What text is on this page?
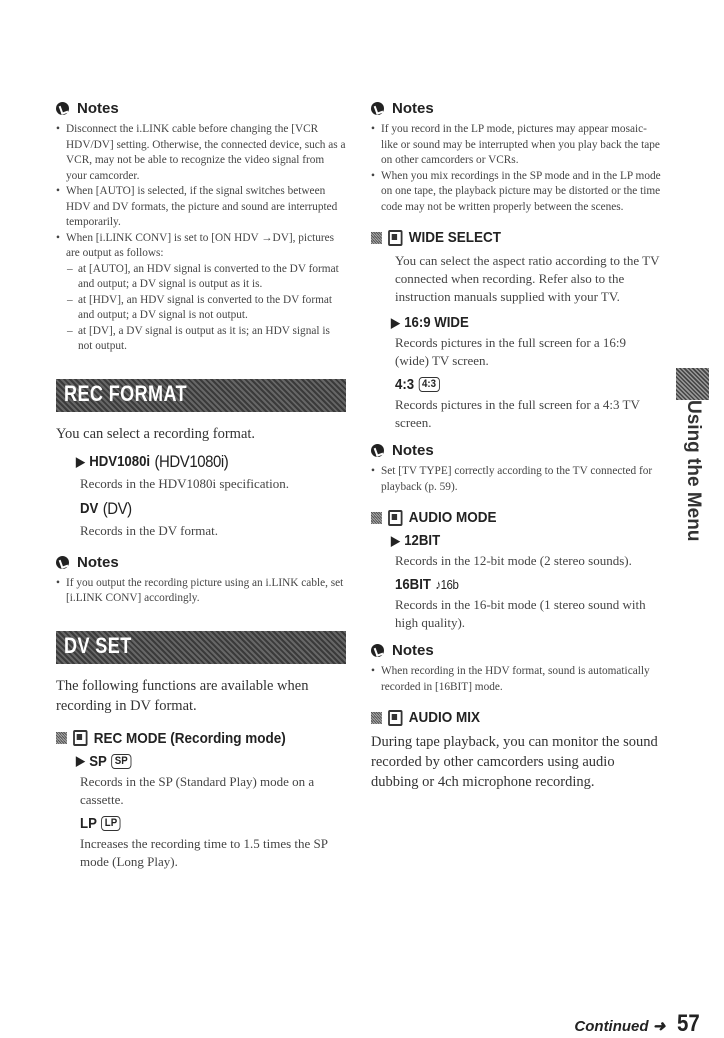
Notes
• Disconnect the i.LINK cable before changing the [VCR HDV/DV] setting. Otherwise, the connected device, such as a VCR, may not be able to recognize the video signal from your camcorder.
• When [AUTO] is selected, if the signal switches between HDV and DV formats, the picture and sound are interrupted temporarily.
• When [i.LINK CONV] is set to [ON HDV →DV], pictures are output as follows:
– at [AUTO], an HDV signal is converted to the DV format and output; a DV signal is output as it is.
– at [HDV], an HDV signal is converted to the DV format and output; a DV signal is not output.
– at [DV], a DV signal is output as it is; an HDV signal is not output.
REC FORMAT

You can select a recording format.

▶ HDV1080i (HDV1080i)

Records in the HDV1080i specification.

DV (DV)

Records in the DV format.

Notes
• If you output the recording picture using an i.LINK cable, set [i.LINK CONV] accordingly.
DV SET

The following functions are available when recording in DV format.

REC MODE (Recording mode)
▶ SP SP

Records in the SP (Standard Play) mode on a cassette.

LP LP

Increases the recording time to 1.5 times the SP mode (Long Play).

Notes
• If you record in the LP mode, pictures may appear mosaic-like or sound may be interrupted when you play back the tape on other camcorders or VCRs.
• When you mix recordings in the SP mode and in the LP mode on one tape, the playback picture may be distorted or the time code may not be written properly between the scenes.
WIDE SELECT

You can select the aspect ratio according to the TV connected when recording. Refer also to the instruction manuals supplied with your TV.

▶ 16:9 WIDE

Records pictures in the full screen for a 16:9 (wide) TV screen.

4:3 4:3

Records pictures in the full screen for a 4:3 TV screen.

Notes
• Set [TV TYPE] correctly according to the TV connected for playback (p. 59).
AUDIO MODE
▶ 12BIT

Records in the 12-bit mode (2 stereo sounds).

16BIT ♪16b

Records in the 16-bit mode (1 stereo sound with high quality).

Notes
• When recording in the HDV format, sound is automatically recorded in [16BIT] mode.
AUDIO MIX

During tape playback, you can monitor the sound recorded by other camcorders using audio dubbing or 4ch microphone recording.

Using the Menu
Continued ➜ 57
